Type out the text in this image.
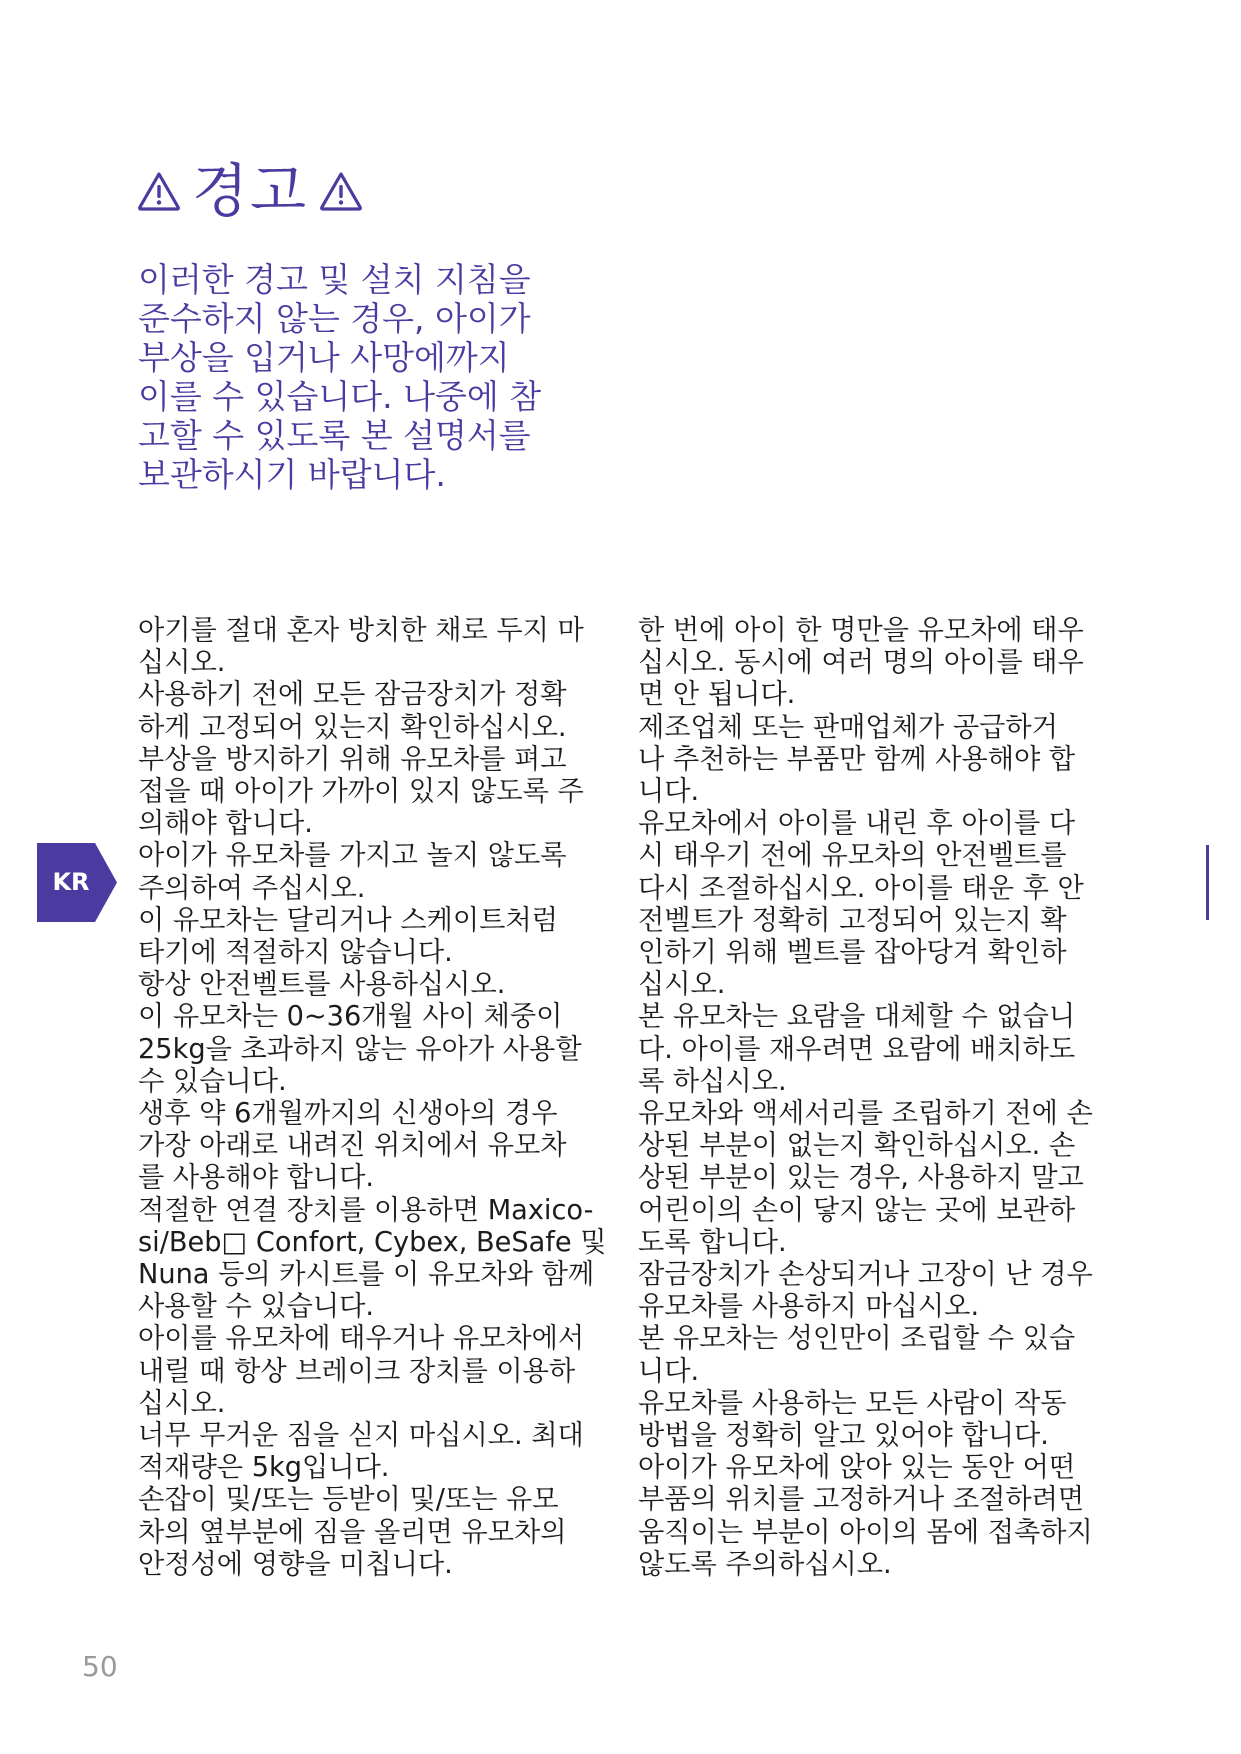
경고
이러한 경고 및 설치 지침을
준수하지 않는 경우, 아이가
부상을 입거나 사망에까지
이를 수 있습니다. 나중에 참
고할 수 있도록 본 설명서를
보관하시기 바랍니다.
아기를 절대 혼자 방치한 채로 두지 마
십시오.
사용하기 전에 모든 잠금장치가 정확
하게 고정되어 있는지 확인하십시오.
부상을 방지하기 위해 유모차를 펴고
접을 때 아이가 가까이 있지 않도록 주
의해야 합니다.
아이가 유모차를 가지고 놀지 않도록
주의하여 주십시오.
이 유모차는 달리거나 스케이트처럼
타기에 적절하지 않습니다.
항상 안전벨트를 사용하십시오.
이 유모차는 0~36개월 사이 체중이
25kg을 초과하지 않는 유아가 사용할
수 있습니다.
생후 약 6개월까지의 신생아의 경우
가장 아래로 내려진 위치에서 유모차
를 사용해야 합니다.
적절한 연결 장치를 이용하면 Maxico-
si/Beb□ Confort, Cybex, BeSafe 및
Nuna 등의 카시트를 이 유모차와 함께
사용할 수 있습니다.
아이를 유모차에 태우거나 유모차에서
내릴 때 항상 브레이크 장치를 이용하
십시오.
너무 무거운 짐을 싣지 마십시오. 최대
적재량은 5kg입니다.
손잡이 및/또는 등받이 및/또는 유모
차의 옆부분에 짐을 올리면 유모차의
안정성에 영향을 미칩니다.
한 번에 아이 한 명만을 유모차에 태우
십시오. 동시에 여러 명의 아이를 태우
면 안 됩니다.
제조업체 또는 판매업체가 공급하거
나 추천하는 부품만 함께 사용해야 합
니다.
유모차에서 아이를 내린 후 아이를 다
시 태우기 전에 유모차의 안전벨트를
다시 조절하십시오. 아이를 태운 후 안
전벨트가 정확히 고정되어 있는지 확
인하기 위해 벨트를 잡아당겨 확인하
십시오.
본 유모차는 요람을 대체할 수 없습니
다. 아이를 재우려면 요람에 배치하도
록 하십시오.
유모차와 액세서리를 조립하기 전에 손
상된 부분이 없는지 확인하십시오. 손
상된 부분이 있는 경우, 사용하지 말고
어린이의 손이 닿지 않는 곳에 보관하
도록 합니다.
잠금장치가 손상되거나 고장이 난 경우
유모차를 사용하지 마십시오.
본 유모차는 성인만이 조립할 수 있습
니다.
유모차를 사용하는 모든 사람이 작동
방법을 정확히 알고 있어야 합니다.
아이가 유모차에 앉아 있는 동안 어떤
부품의 위치를 고정하거나 조절하려면
움직이는 부분이 아이의 몸에 접촉하지
않도록 주의하십시오.
KR
50
